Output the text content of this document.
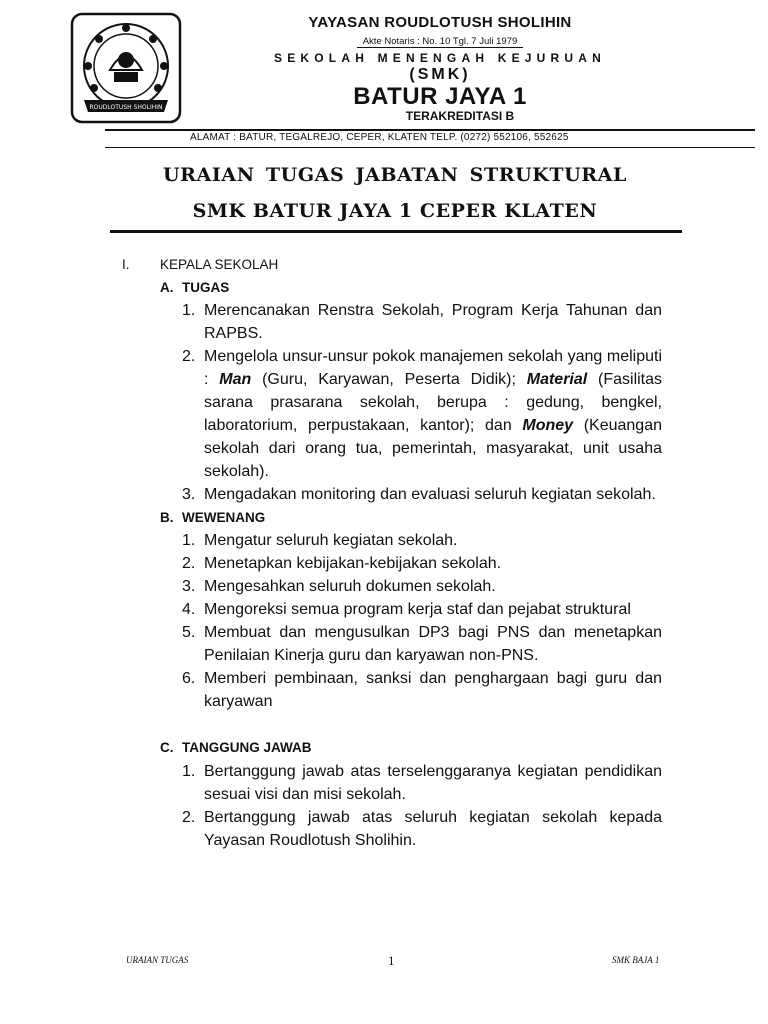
ROUDLOTUSH SHOLIHIN
YAYASAN ROUDLOTUSH SHOLIHIN
Akte Notaris : No. 10 Tgl. 7 Juli 1979
SEKOLAH MENENGAH KEJURUAN
(SMK)
BATUR JAYA 1
TERAKREDITASI B
ALAMAT : BATUR, TEGALREJO, CEPER, KLATEN TELP. (0272) 552106, 552625
URAIAN TUGAS JABATAN STRUKTURAL
SMK BATUR JAYA 1 CEPER KLATEN
I. KEPALA SEKOLAH
A. TUGAS
1. Merencanakan Renstra Sekolah, Program Kerja Tahunan dan RAPBS.
2. Mengelola unsur-unsur pokok manajemen sekolah yang meliputi : Man (Guru, Karyawan, Peserta Didik); Material (Fasilitas sarana prasarana sekolah, berupa : gedung, bengkel, laboratorium, perpustakaan, kantor); dan Money (Keuangan sekolah dari orang tua, pemerintah, masyarakat, unit usaha sekolah).
3. Mengadakan monitoring dan evaluasi seluruh kegiatan sekolah.
B. WEWENANG
1. Mengatur seluruh kegiatan sekolah.
2. Menetapkan kebijakan-kebijakan sekolah.
3. Mengesahkan seluruh dokumen sekolah.
4. Mengoreksi semua program kerja staf dan pejabat struktural
5. Membuat dan mengusulkan DP3 bagi PNS dan menetapkan Penilaian Kinerja guru dan karyawan non-PNS.
6. Memberi pembinaan, sanksi dan penghargaan bagi guru dan karyawan
C. TANGGUNG JAWAB
1. Bertanggung jawab atas terselenggaranya kegiatan pendidikan sesuai visi dan misi sekolah.
2. Bertanggung jawab atas seluruh kegiatan sekolah kepada Yayasan Roudlotush Sholihin.
URAIAN TUGAS	1	SMK BAJA 1
